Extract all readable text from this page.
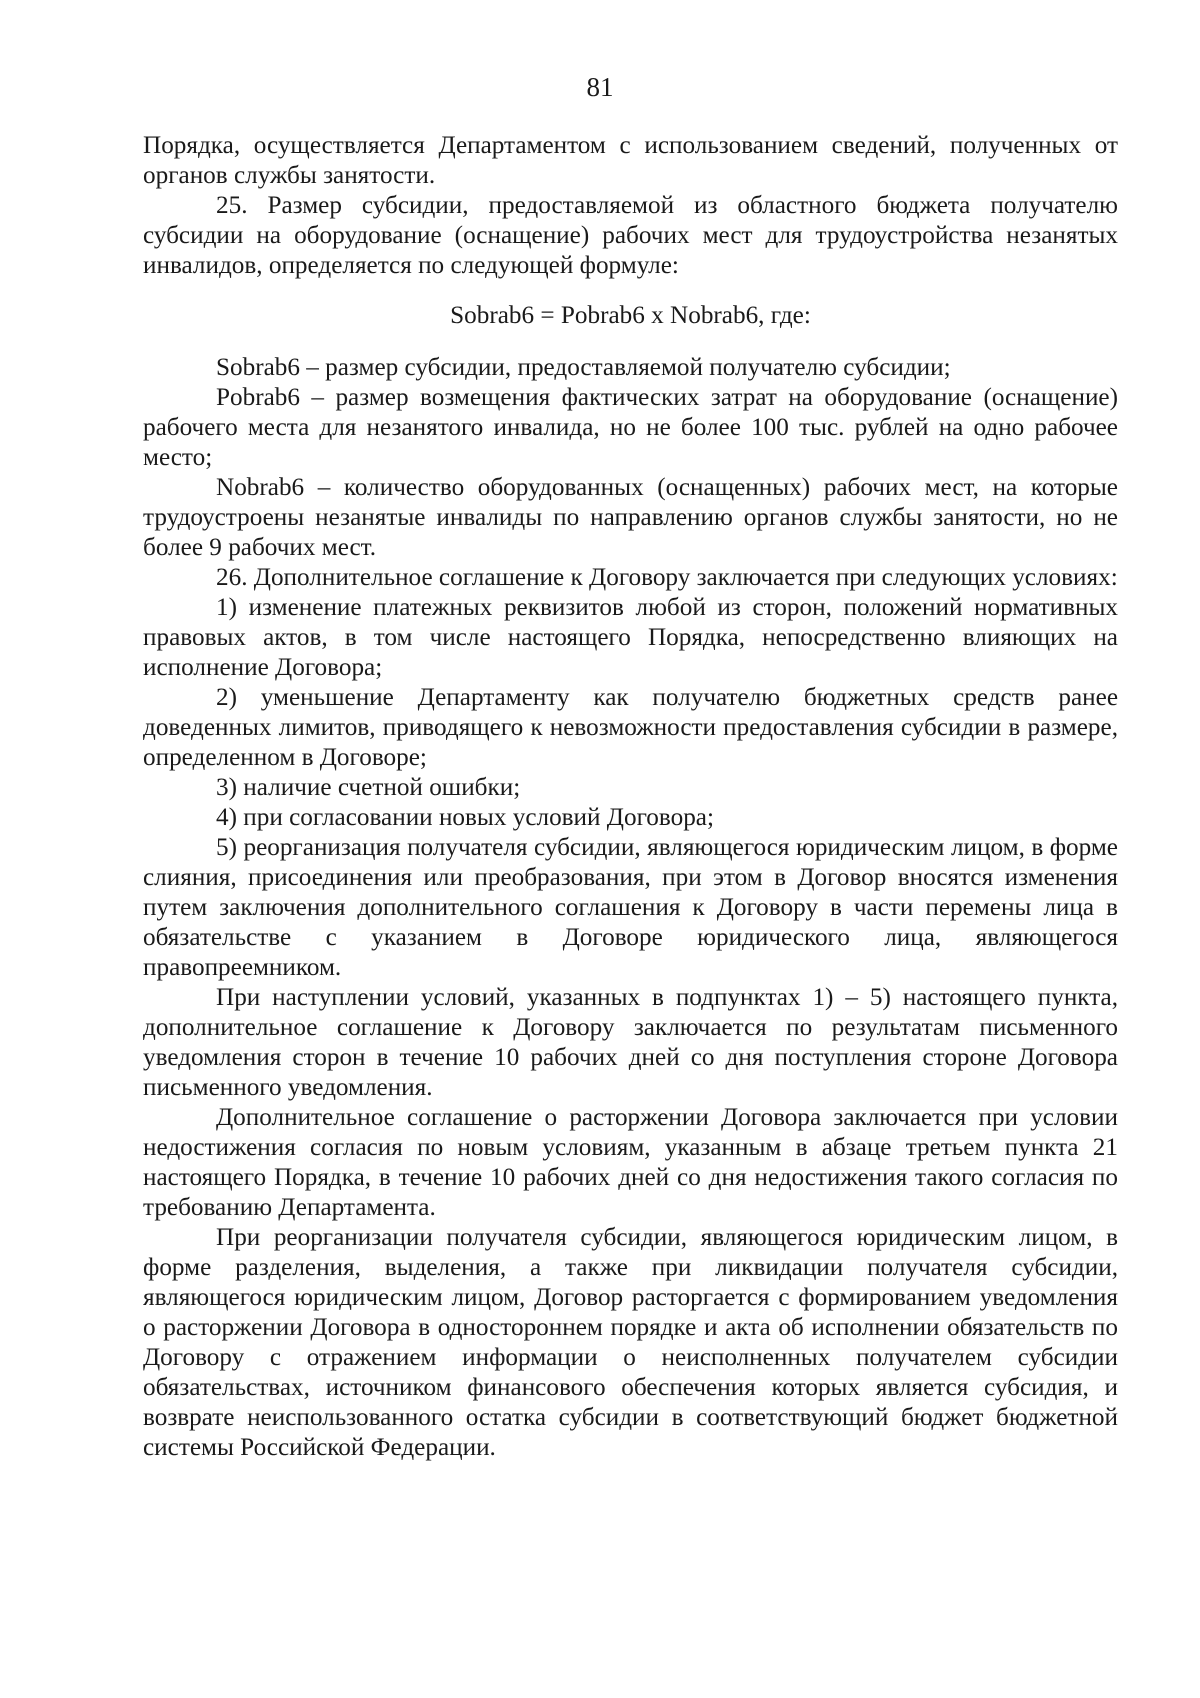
81

Порядка, осуществляется Департаментом с использованием сведений, полученных от органов службы занятости.

25. Размер субсидии, предоставляемой из областного бюджета получателю субсидии на оборудование (оснащение) рабочих мест для трудоустройства незанятых инвалидов, определяется по следующей формуле:

Sobrab6 = Pobrab6 x Nobrab6, где:

Sobrab6 – размер субсидии, предоставляемой получателю субсидии;

Pobrab6 – размер возмещения фактических затрат на оборудование (оснащение) рабочего места для незанятого инвалида, но не более 100 тыс. рублей на одно рабочее место;

Nobrab6 – количество оборудованных (оснащенных) рабочих мест, на которые трудоустроены незанятые инвалиды по направлению органов службы занятости, но не более 9 рабочих мест.

26. Дополнительное соглашение к Договору заключается при следующих условиях:

1) изменение платежных реквизитов любой из сторон, положений нормативных правовых актов, в том числе настоящего Порядка, непосредственно влияющих на исполнение Договора;

2) уменьшение Департаменту как получателю бюджетных средств ранее доведенных лимитов, приводящего к невозможности предоставления субсидии в размере, определенном в Договоре;

3) наличие счетной ошибки;

4) при согласовании новых условий Договора;

5) реорганизация получателя субсидии, являющегося юридическим лицом, в форме слияния, присоединения или преобразования, при этом в Договор вносятся изменения путем заключения дополнительного соглашения к Договору в части перемены лица в обязательстве с указанием в Договоре юридического лица, являющегося правопреемником.

При наступлении условий, указанных в подпунктах 1) – 5) настоящего пункта, дополнительное соглашение к Договору заключается по результатам письменного уведомления сторон в течение 10 рабочих дней со дня поступления стороне Договора письменного уведомления.

Дополнительное соглашение о расторжении Договора заключается при условии недостижения согласия по новым условиям, указанным в абзаце третьем пункта 21 настоящего Порядка, в течение 10 рабочих дней со дня недостижения такого согласия по требованию Департамента.

При реорганизации получателя субсидии, являющегося юридическим лицом, в форме разделения, выделения, а также при ликвидации получателя субсидии, являющегося юридическим лицом, Договор расторгается с формированием уведомления о расторжении Договора в одностороннем порядке и акта об исполнении обязательств по Договору с отражением информации о неисполненных получателем субсидии обязательствах, источником финансового обеспечения которых является субсидия, и возврате неиспользованного остатка субсидии в соответствующий бюджет бюджетной системы Российской Федерации.
